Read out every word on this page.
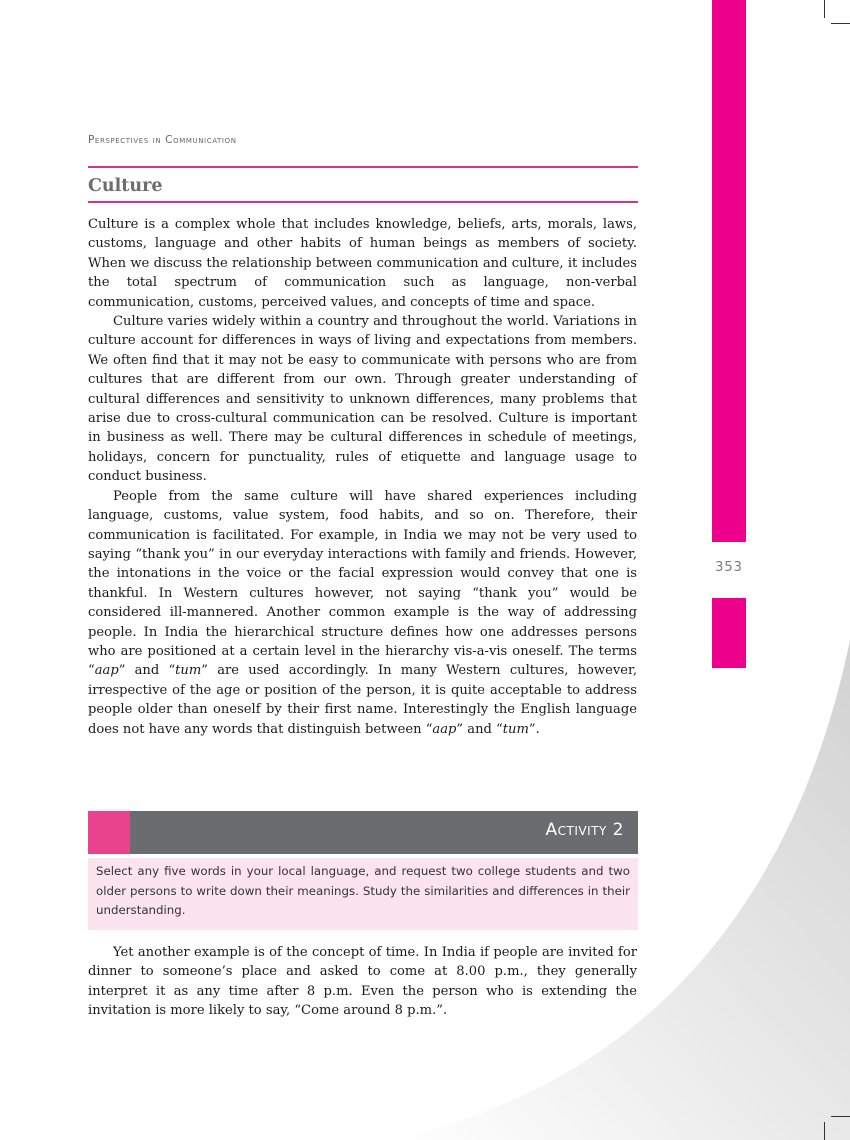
353
Perspectives in Communication
Culture

Culture is a complex whole that includes knowledge, beliefs, arts, morals, laws, customs, language and other habits of human beings as members of society. When we discuss the relationship between communication and culture, it includes the total spectrum of communication such as language, non-verbal communication, customs, perceived values, and concepts of time and space.

Culture varies widely within a country and throughout the world. Variations in culture account for differences in ways of living and expectations from members. We often find that it may not be easy to communicate with persons who are from cultures that are different from our own. Through greater understanding of cultural differences and sensitivity to unknown differences, many problems that arise due to cross-cultural communication can be resolved. Culture is important in business as well. There may be cultural differences in schedule of meetings, holidays, concern for punctuality, rules of etiquette and language usage to conduct business.

People from the same culture will have shared experiences including language, customs, value system, food habits, and so on. Therefore, their communication is facilitated. For example, in India we may not be very used to saying “thank you” in our everyday interactions with family and friends. However, the intonations in the voice or the facial expression would convey that one is thankful. In Western cultures however, not saying “thank you” would be considered ill-mannered. Another common example is the way of addressing people. In India the hierarchical structure defines how one addresses persons who are positioned at a certain level in the hierarchy vis-a-vis oneself. The terms “aap” and “tum” are used accordingly. In many Western cultures, however, irrespective of the age or position of the person, it is quite acceptable to address people older than oneself by their first name. Interestingly the English language does not have any words that distinguish between “aap” and “tum”.

Activity 2

Select any five words in your local language, and request two college students and two older persons to write down their meanings. Study the similarities and differences in their understanding.

Yet another example is of the concept of time. In India if people are invited for dinner to someone’s place and asked to come at 8.00 p.m., they generally interpret it as any time after 8 p.m. Even the person who is extending the invitation is more likely to say, “Come around 8 p.m.”.
